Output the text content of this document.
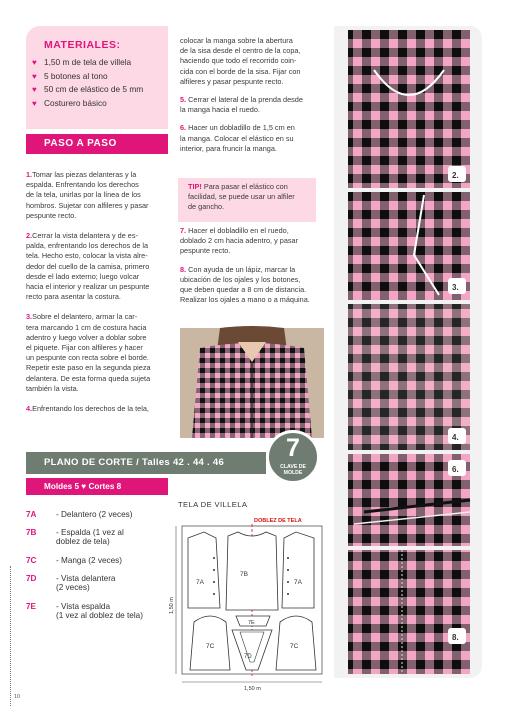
MATERIALES:
♥ 1,50 m de tela de villela
♥ 5 botones al tono
♥ 50 cm de elástico de 5 mm
♥ Costurero básico
PASO A PASO

1.Tomar las piezas delanteras y la
espalda. Enfrentando los derechos
de la tela, unirlas por la línea de los
hombros. Sujetar con alfileres y pasar
pespunte recto.

2.Cerrar la vista delantera y de es-
palda, enfrentando los derechos de la
tela. Hecho esto, colocar la vista alre-
dedor del cuello de la camisa, primero
desde el lado externo; luego volcar
hacia el interior y realizar un pespunte
recto para asentar la costura.

3.Sobre el delantero, armar la car-
tera marcando 1 cm de costura hacia
adentro y luego volver a doblar sobre
el piquete. Fijar con alfileres y hacer
un pespunte con recta sobre el borde.
Repetir este paso en la segunda pieza
delantera. De esta forma queda sujeta
también la vista.

4.Enfrentando los derechos de la tela,

colocar la manga sobre la abertura
de la sisa desde el centro de la copa,
haciendo que todo el recorrido coin-
cida con el borde de la sisa. Fijar con
alfileres y pasar pespunte recto.

5. Cerrar el lateral de la prenda desde
la manga hacia el ruedo.

6. Hacer un dobladillo de 1,5 cm en
la manga. Colocar el elástico en su
interior, para fruncir la manga.

TIP! Para pasar el elástico con
facilidad, se puede usar un alfiler
de gancho.

7. Hacer el dobladillo en el ruedo,
doblado 2 cm hacia adentro, y pasar
pespunte recto.

8. Con ayuda de un lápiz, marcar la
ubicación de los ojales y los botones,
que deben quedar a 8 cm de distancia.
Realizar los ojales a mano o a máquina.

PLANO DE CORTE / Talles 42 . 44 . 46
7
CLAVE DE
MOLDE
Moldes 5 ♥ Cortes 8
7A - Delantero (2 veces)
7B - Espalda (1 vez al
doblez de tela)
7C - Manga (2 veces)
7D - Vista delantera
(2 veces)
7E - Vista espalda
(1 vez al doblez de tela)
TELA DE VILLELA
DOBLEZ DE TELA
7A
7B
7A
7C
7E
7C
7D
1,50 m
1,50 m
2.
3.
4.
6.
8.
10
